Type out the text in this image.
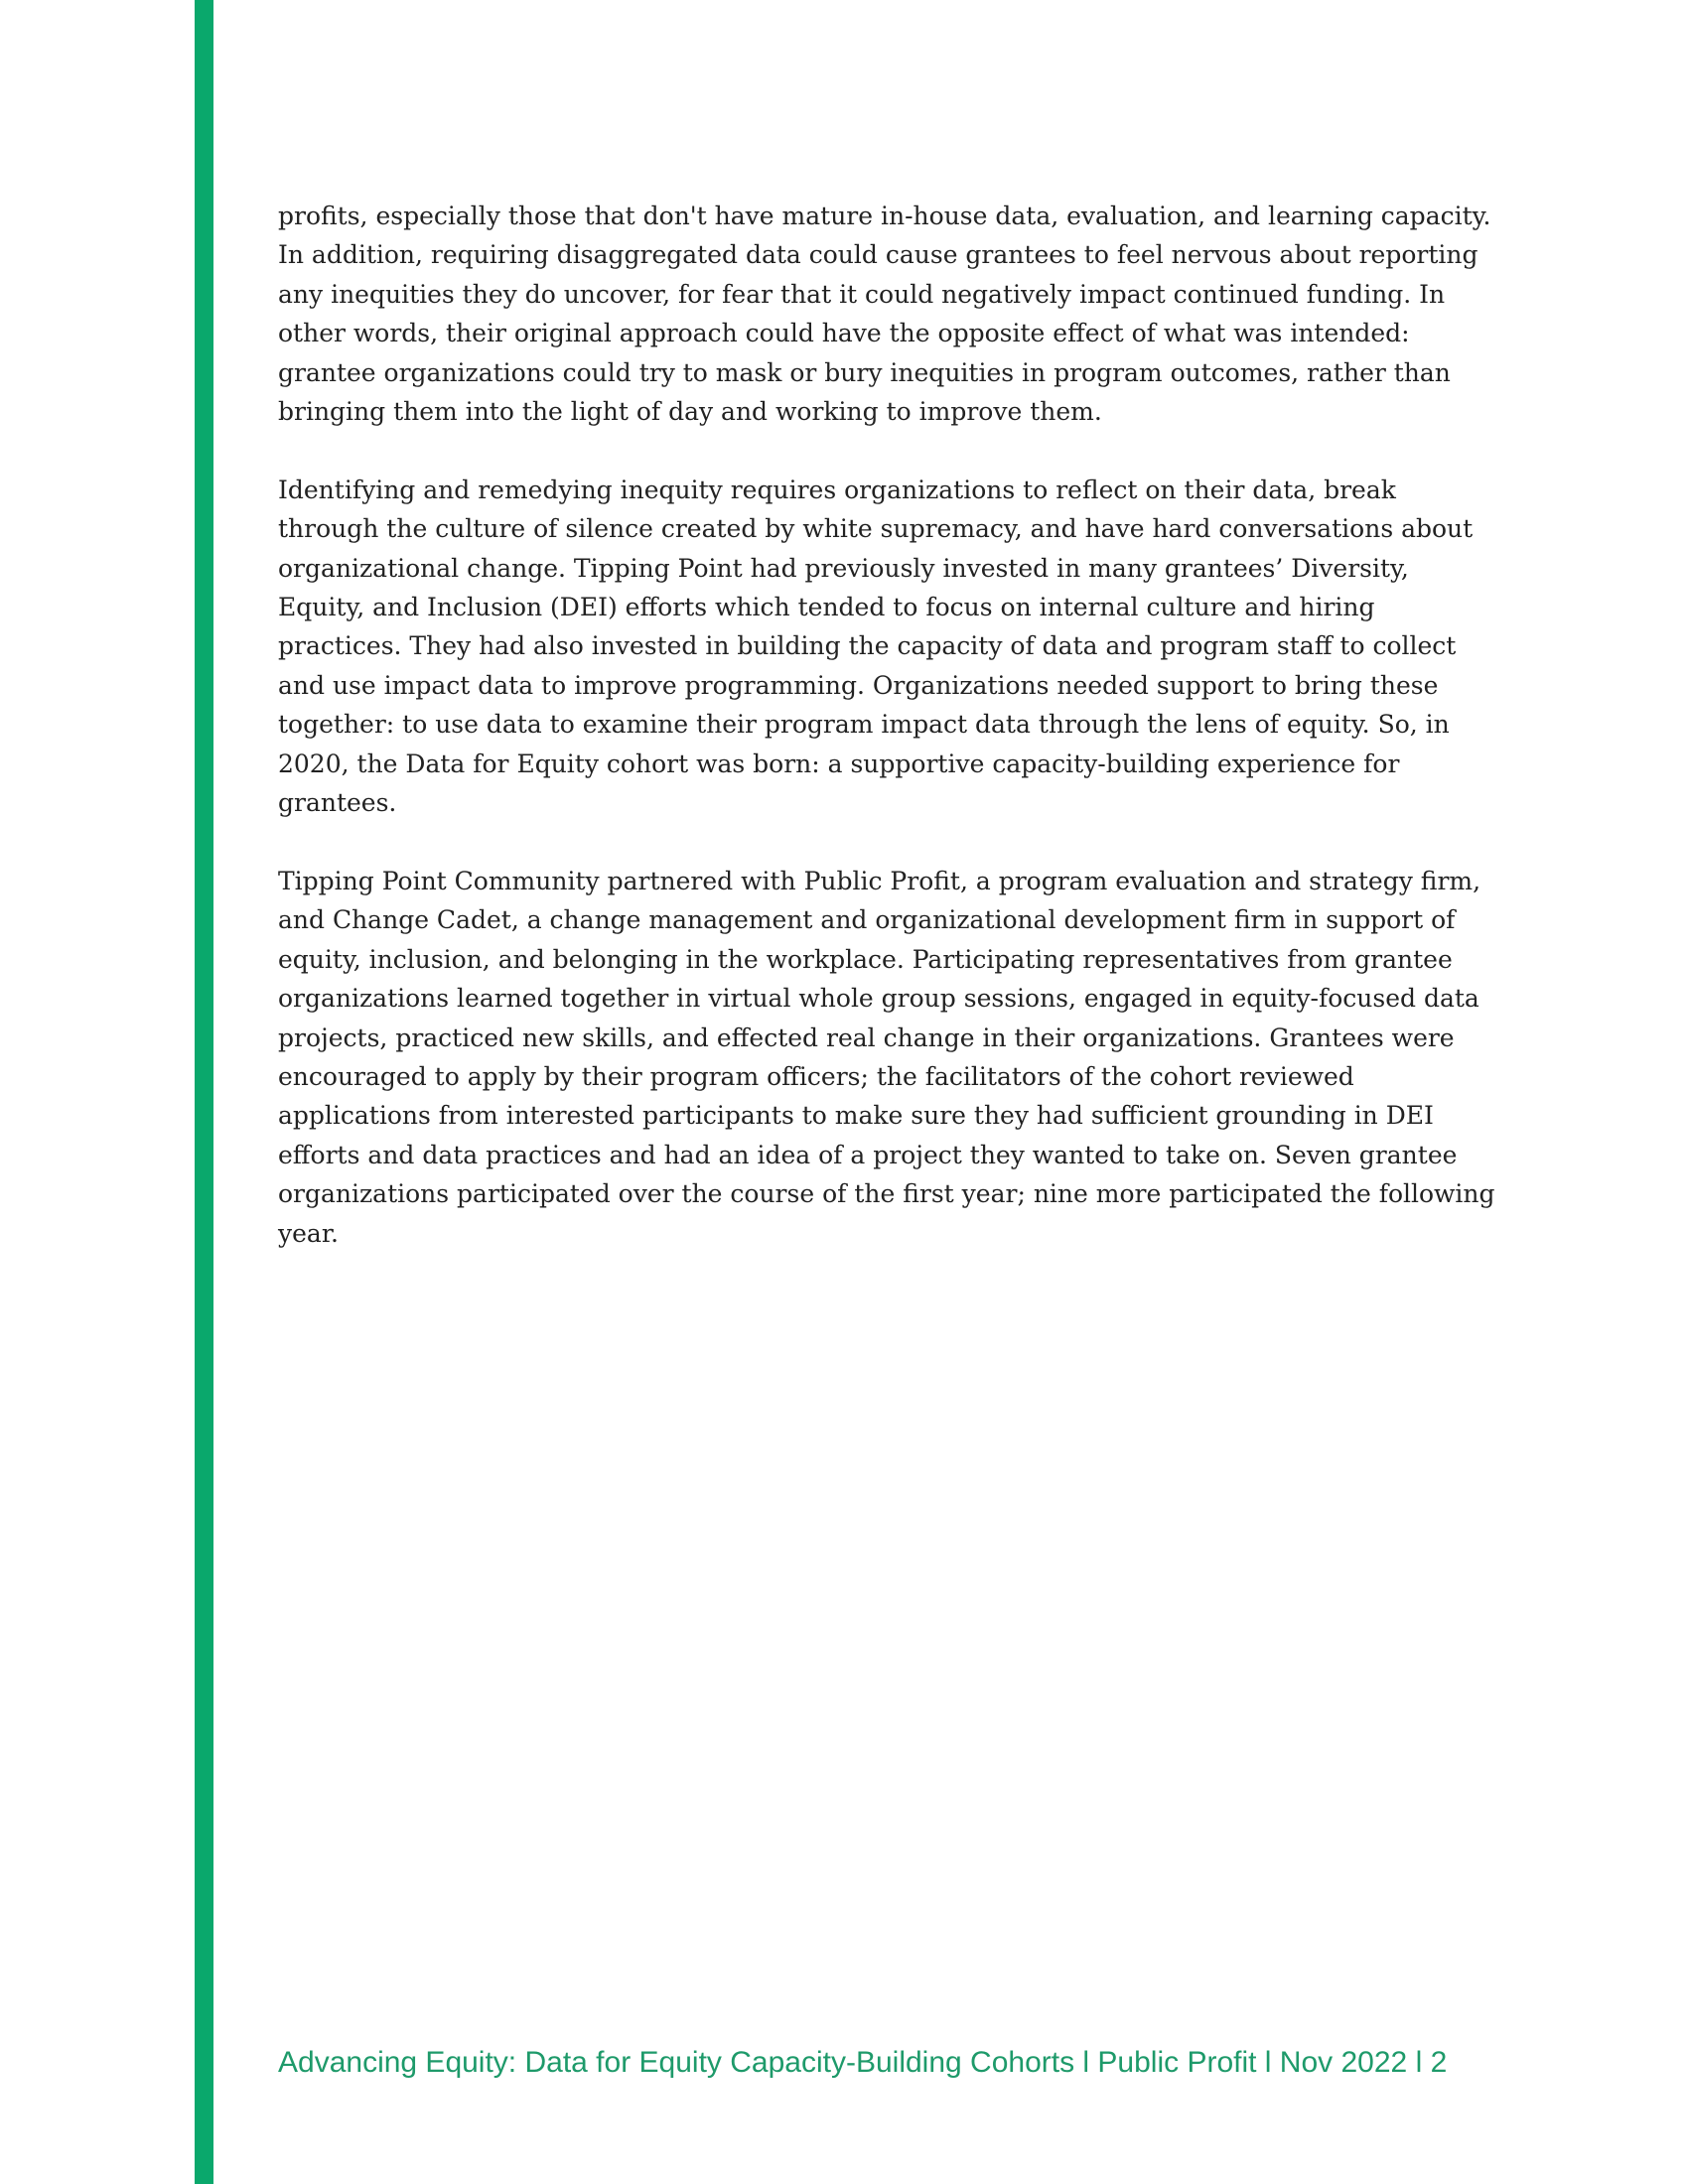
profits, especially those that don't have mature in-house data, evaluation, and learning capacity. In addition, requiring disaggregated data could cause grantees to feel nervous about reporting any inequities they do uncover, for fear that it could negatively impact continued funding. In other words, their original approach could have the opposite effect of what was intended: grantee organizations could try to mask or bury inequities in program outcomes, rather than bringing them into the light of day and working to improve them.

Identifying and remedying inequity requires organizations to reflect on their data, break through the culture of silence created by white supremacy, and have hard conversations about organizational change. Tipping Point had previously invested in many grantees’ Diversity, Equity, and Inclusion (DEI) efforts which tended to focus on internal culture and hiring practices. They had also invested in building the capacity of data and program staff to collect and use impact data to improve programming. Organizations needed support to bring these together: to use data to examine their program impact data through the lens of equity. So, in 2020, the Data for Equity cohort was born: a supportive capacity-building experience for grantees.

Tipping Point Community partnered with Public Profit, a program evaluation and strategy firm, and Change Cadet, a change management and organizational development firm in support of equity, inclusion, and belonging in the workplace. Participating representatives from grantee organizations learned together in virtual whole group sessions, engaged in equity-focused data projects, practiced new skills, and effected real change in their organizations. Grantees were encouraged to apply by their program officers; the facilitators of the cohort reviewed applications from interested participants to make sure they had sufficient grounding in DEI efforts and data practices and had an idea of a project they wanted to take on. Seven grantee organizations participated over the course of the first year; nine more participated the following year.

Advancing Equity: Data for Equity Capacity-Building Cohorts l Public Profit l Nov 2022 l 2
